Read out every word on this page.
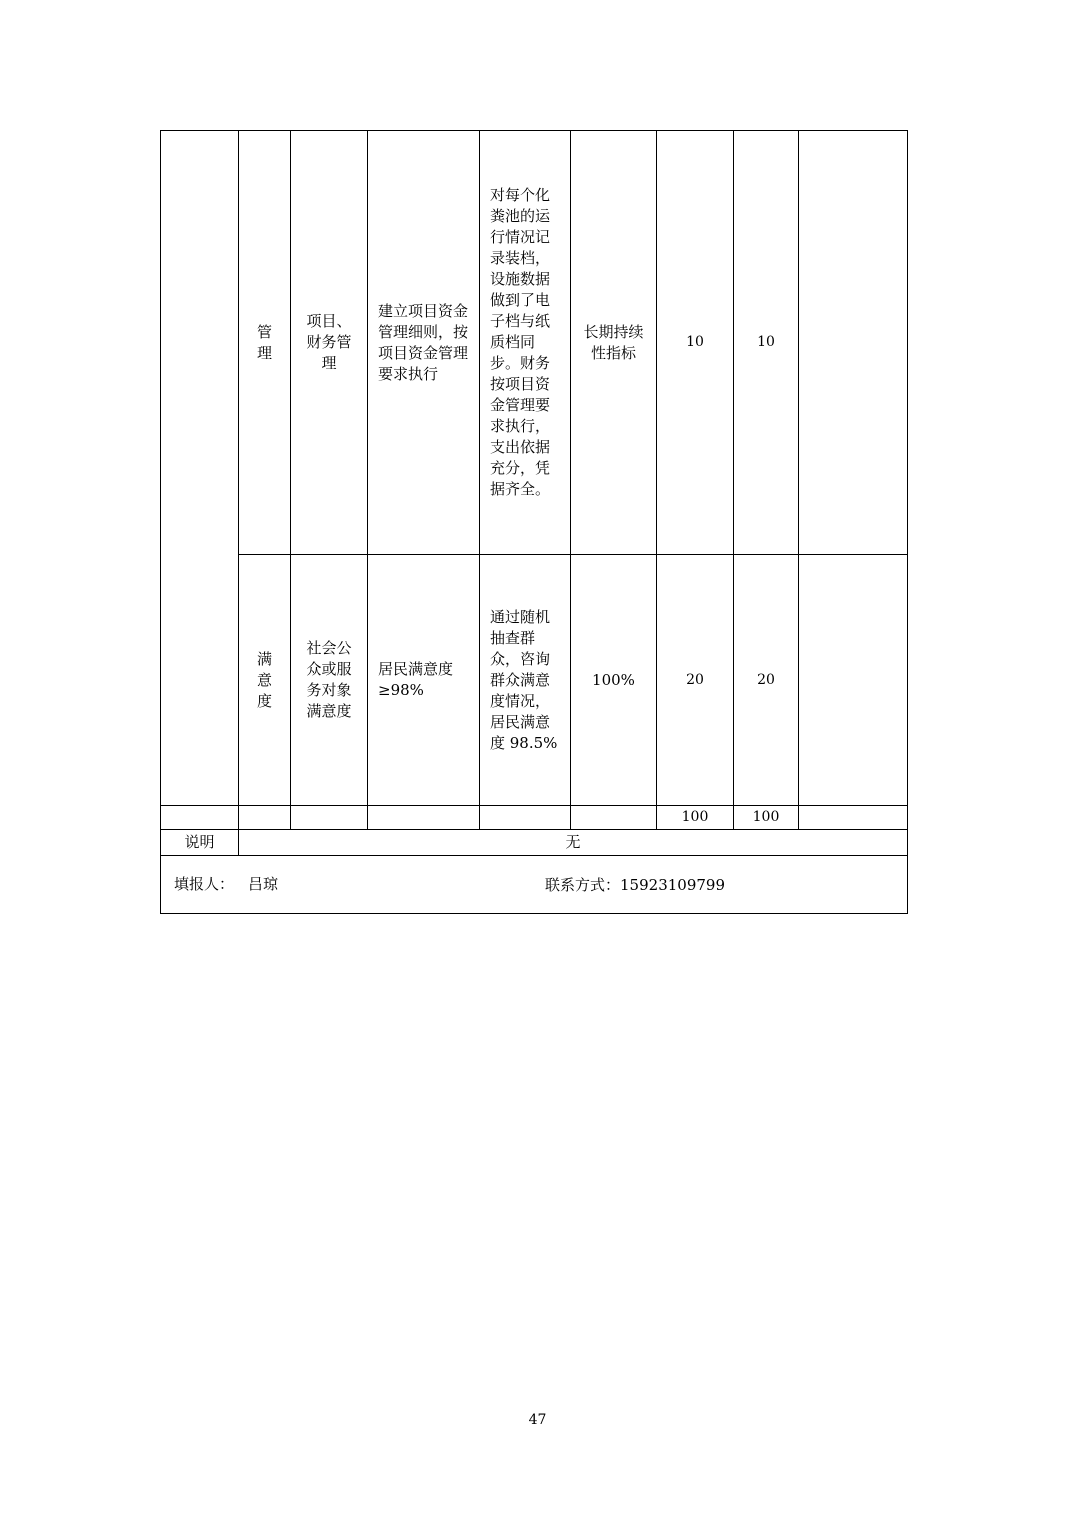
	管理	项目、财务管理	建立项目资金管理细则，按项目资金管理要求执行	对每个化粪池的运行情况记录装档，设施数据做到了电子档与纸质档同步。财务按项目资金管理要求执行，支出依据充分，凭据齐全。	长期持续性指标	10	10	

	满意度	社会公众或服务对象满意度	居民满意度≥98%	通过随机抽查群众，咨询群众满意度情况，居民满意度 98.5%	100%	20	20	
						100	100	
说明	无							
填报人： 吕琼 联系方式：15923109799								
47
